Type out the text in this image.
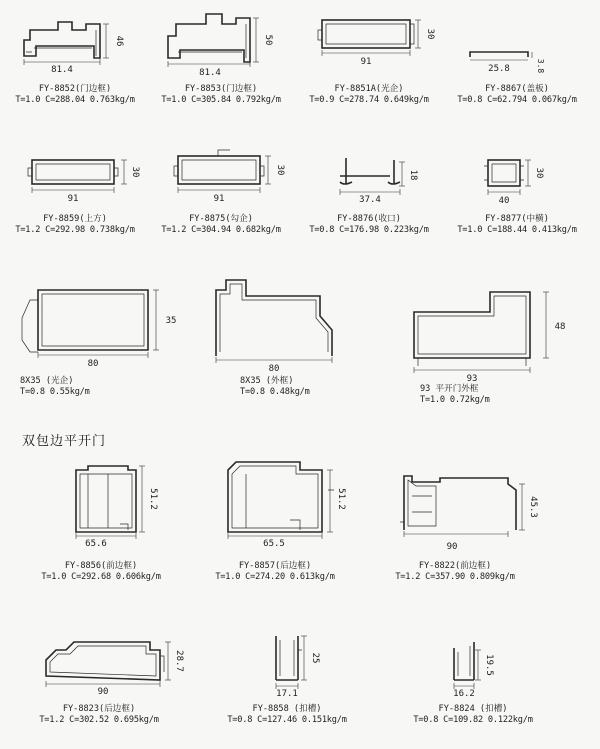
46
81.4
50
81.4
30
91
25.8	3.8
30
91
30
91
18
37.4
30
40
35
80	80
48
93
51.2
65.6
51.2
65.5
45.3
90
28.7
90
25
17.1
19.5
16.2
FY-8852(门边框)
T=1.0 C=288.04 0.763kg/m
FY-8853(门边框)
T=1.0 C=305.84 0.792kg/m
FY-8851A(光企)
T=0.9 C=278.74 0.649kg/m
FY-8867(盖板)
T=0.8 C=62.794 0.067kg/m
FY-8859(上方)
T=1.2 C=292.98 0.738kg/m
FY-8875(勾企)
T=1.2 C=304.94 0.682kg/m
FY-8876(收口)
T=0.8 C=176.98 0.223kg/m
FY-8877(中横)
T=1.0 C=188.44 0.413kg/m
8X35 (光企)
T=0.8 0.55kg/m
8X35 (外框)
T=0.8 0.48kg/m	93 平开门外框
T=1.0 0.72kg/m
双包边平开门
FY-8856(前边框)
T=1.0 C=292.68 0.606kg/m
FY-8857(后边框)
T=1.0 C=274.20 0.613kg/m
FY-8822(前边框)
T=1.2 C=357.90 0.809kg/m
FY-8823(后边框)
T=1.2 C=302.52 0.695kg/m
FY-8858 (扣槽)
T=0.8 C=127.46 0.151kg/m
FY-8824 (扣槽)
T=0.8 C=109.82 0.122kg/m
